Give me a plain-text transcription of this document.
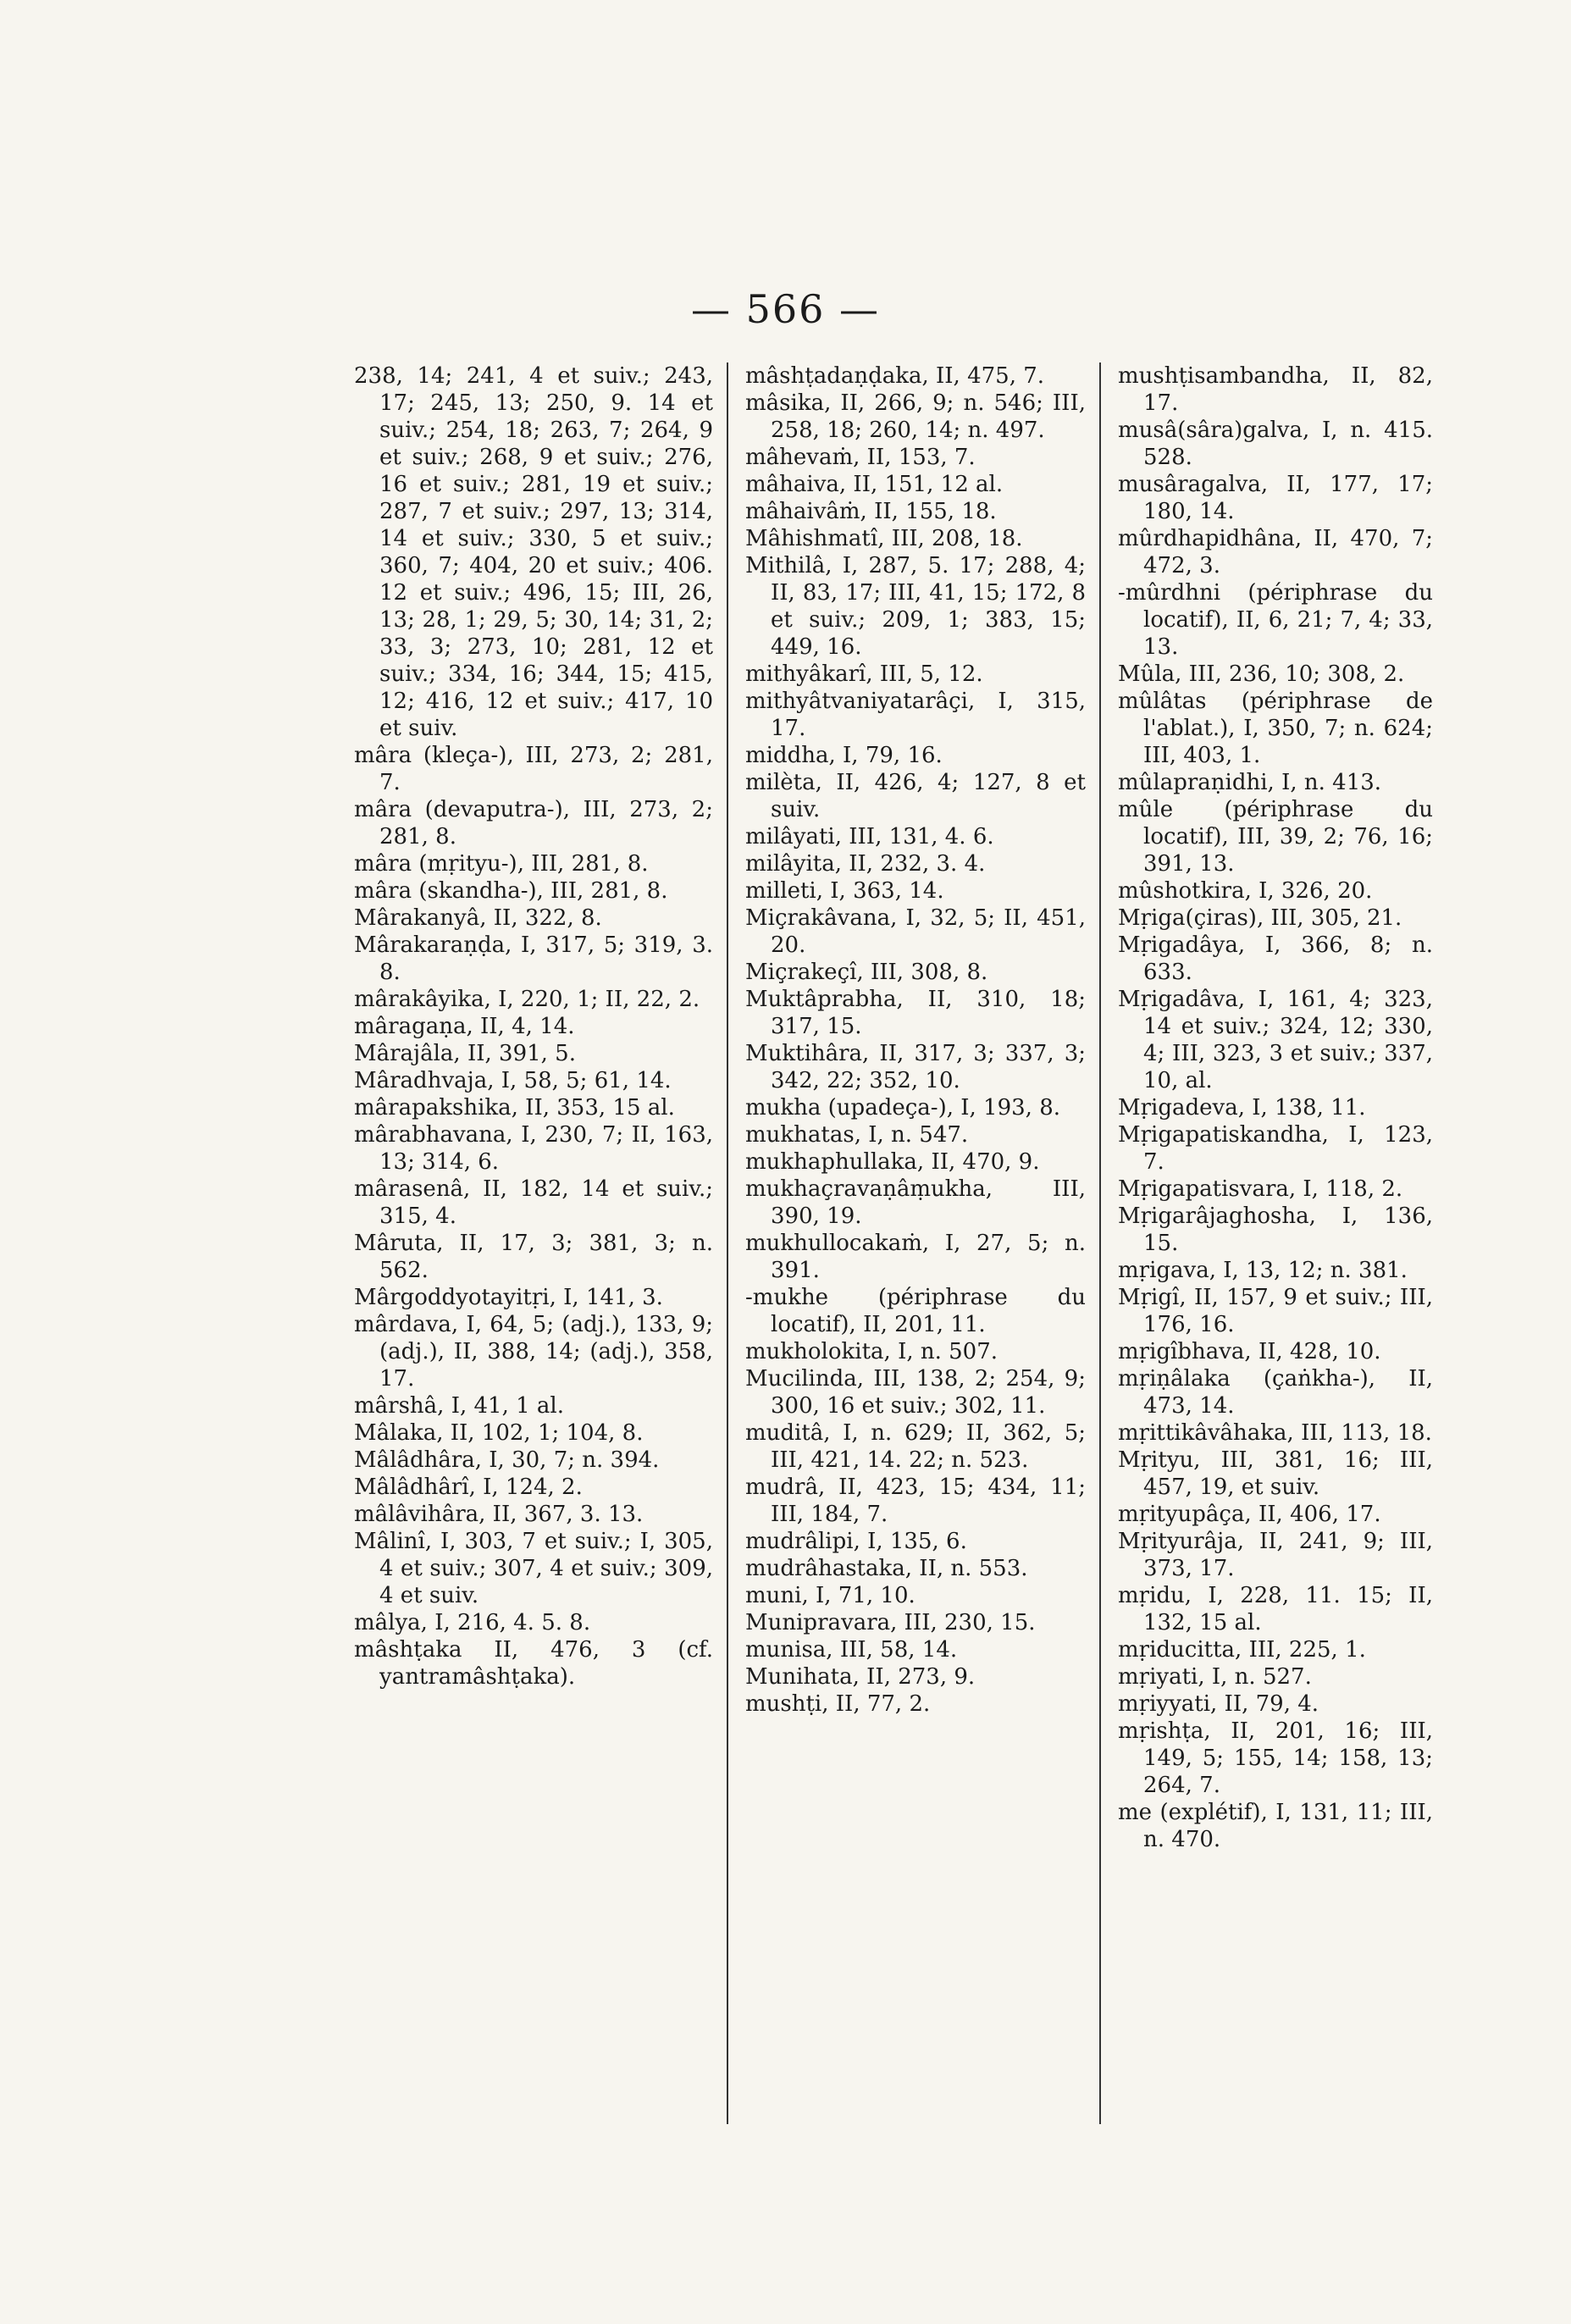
— 566 —

238, 14; 241, 4 et suiv.; 243, 17; 245, 13; 250, 9. 14 et suiv.; 254, 18; 263, 7; 264, 9 et suiv.; 268, 9 et suiv.; 276, 16 et suiv.; 281, 19 et suiv.; 287, 7 et suiv.; 297, 13; 314, 14 et suiv.; 330, 5 et suiv.; 360, 7; 404, 20 et suiv.; 406. 12 et suiv.; 496, 15; III, 26, 13; 28, 1; 29, 5; 30, 14; 31, 2; 33, 3; 273, 10; 281, 12 et suiv.; 334, 16; 344, 15; 415, 12; 416, 12 et suiv.; 417, 10 et suiv.

mâra (kleça-), III, 273, 2; 281, 7.

mâra (devaputra-), III, 273, 2; 281, 8.

mâra (mṛityu-), III, 281, 8.

mâra (skandha-), III, 281, 8.

Mârakanyâ, II, 322, 8.

Mârakaraṇḍa, I, 317, 5; 319, 3. 8.

mârakâyika, I, 220, 1; II, 22, 2.

mâragaṇa, II, 4, 14.

Mârajâla, II, 391, 5.

Mâradhvaja, I, 58, 5; 61, 14.

mârapakshika, II, 353, 15 al.

mârabhavana, I, 230, 7; II, 163, 13; 314, 6.

mârasenâ, II, 182, 14 et suiv.; 315, 4.

Mâruta, II, 17, 3; 381, 3; n. 562.

Mârgoddyotayitṛi, I, 141, 3.

mârdava, I, 64, 5; (adj.), 133, 9; (adj.), II, 388, 14; (adj.), 358, 17.

mârshâ, I, 41, 1 al.

Mâlaka, II, 102, 1; 104, 8.

Mâlâdhâra, I, 30, 7; n. 394.

Mâlâdhârî, I, 124, 2.

mâlâvihâra, II, 367, 3. 13.

Mâlinî, I, 303, 7 et suiv.; I, 305, 4 et suiv.; 307, 4 et suiv.; 309, 4 et suiv.

mâlya, I, 216, 4. 5. 8.

mâshṭaka II, 476, 3 (cf. yantramâshṭaka).

mâshṭadaṇḍaka, II, 475, 7.

mâsika, II, 266, 9; n. 546; III, 258, 18; 260, 14; n. 497.

mâhevaṁ, II, 153, 7.

mâhaiva, II, 151, 12 al.

mâhaivâṁ, II, 155, 18.

Mâhishmatî, III, 208, 18.

Mithilâ, I, 287, 5. 17; 288, 4; II, 83, 17; III, 41, 15; 172, 8 et suiv.; 209, 1; 383, 15; 449, 16.

mithyâkarî, III, 5, 12.

mithyâtvaniyatarâçi, I, 315, 17.

middha, I, 79, 16.

milèta, II, 426, 4; 127, 8 et suiv.

milâyati, III, 131, 4. 6.

milâyita, II, 232, 3. 4.

milleti, I, 363, 14.

Miçrakâvana, I, 32, 5; II, 451, 20.

Miçrakeçî, III, 308, 8.

Muktâprabha, II, 310, 18; 317, 15.

Muktihâra, II, 317, 3; 337, 3; 342, 22; 352, 10.

mukha (upadeça-), I, 193, 8.

mukhatas, I, n. 547.

mukhaphullaka, II, 470, 9.

mukhaçravaṇâṃukha, III, 390, 19.

mukhullocakaṁ, I, 27, 5; n. 391.

-mukhe (périphrase du locatif), II, 201, 11.

mukholokita, I, n. 507.

Mucilinda, III, 138, 2; 254, 9; 300, 16 et suiv.; 302, 11.

muditâ, I, n. 629; II, 362, 5; III, 421, 14. 22; n. 523.

mudrâ, II, 423, 15; 434, 11; III, 184, 7.

mudrâlipi, I, 135, 6.

mudrâhastaka, II, n. 553.

muni, I, 71, 10.

Munipravara, III, 230, 15.

munisa, III, 58, 14.

Munihata, II, 273, 9.

mushṭi, II, 77, 2.

mushṭisambandha, II, 82, 17.

musâ(sâra)galva, I, n. 415. 528.

musâragalva, II, 177, 17; 180, 14.

mûrdhapidhâna, II, 470, 7; 472, 3.

-mûrdhni (périphrase du locatif), II, 6, 21; 7, 4; 33, 13.

Mûla, III, 236, 10; 308, 2.

mûlâtas (périphrase de l'ablat.), I, 350, 7; n. 624; III, 403, 1.

mûlapraṇidhi, I, n. 413.

mûle (périphrase du locatif), III, 39, 2; 76, 16; 391, 13.

mûshotkira, I, 326, 20.

Mṛiga(çiras), III, 305, 21.

Mṛigadâya, I, 366, 8; n. 633.

Mṛigadâva, I, 161, 4; 323, 14 et suiv.; 324, 12; 330, 4; III, 323, 3 et suiv.; 337, 10, al.

Mṛigadeva, I, 138, 11.

Mṛigapatiskandha, I, 123, 7.

Mṛigapatisvara, I, 118, 2.

Mṛigarâjaghosha, I, 136, 15.

mṛigava, I, 13, 12; n. 381.

Mṛigî, II, 157, 9 et suiv.; III, 176, 16.

mṛigîbhava, II, 428, 10.

mṛiṇâlaka (çaṅkha-), II, 473, 14.

mṛittikâvâhaka, III, 113, 18.

Mṛityu, III, 381, 16; III, 457, 19, et suiv.

mṛityupâça, II, 406, 17.

Mṛityurâja, II, 241, 9; III, 373, 17.

mṛidu, I, 228, 11. 15; II, 132, 15 al.

mṛiducitta, III, 225, 1.

mṛiyati, I, n. 527.

mṛiyyati, II, 79, 4.

mṛishṭa, II, 201, 16; III, 149, 5; 155, 14; 158, 13; 264, 7.

me (explétif), I, 131, 11; III, n. 470.
